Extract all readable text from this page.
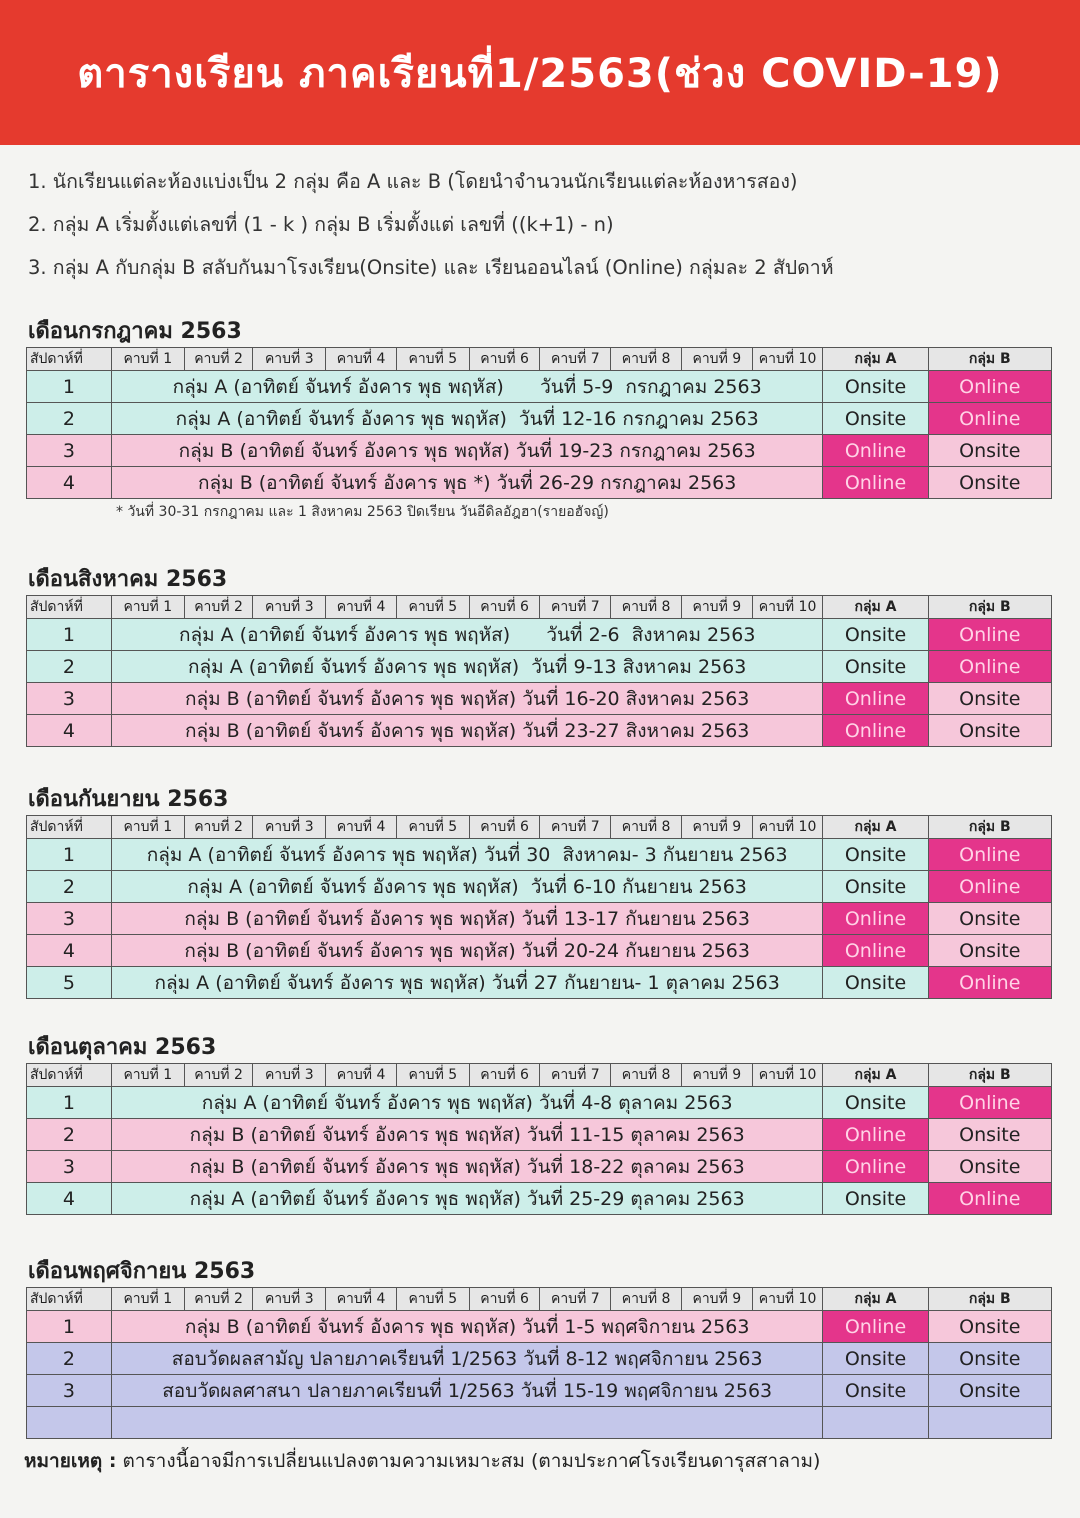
ตารางเรียน ภาคเรียนที่1/2563(ช่วง COVID-19)
1. นักเรียนแต่ละห้องแบ่งเป็น 2 กลุ่ม คือ A และ B (โดยนำจำนวนนักเรียนแต่ละห้องหารสอง)
2. กลุ่ม A เริ่มตั้งแต่เลขที่ (1 - k ) กลุ่ม B เริ่มตั้งแต่ เลขที่ ((k+1) - n)
3. กลุ่ม A กับกลุ่ม B สลับกันมาโรงเรียน(Onsite) และ เรียนออนไลน์ (Online) กลุ่มละ 2 สัปดาห์
เดือนกรกฎาคม 2563
สัปดาห์ที่	คาบที่ 1	คาบที่ 2	คาบที่ 3	คาบที่ 4	คาบที่ 5	คาบที่ 6	คาบที่ 7	คาบที่ 8	คาบที่ 9	คาบที่ 10	กลุ่ม A	กลุ่ม B
1	กลุ่ม A (อาทิตย์ จันทร์ อังคาร พุธ พฤหัส)      วันที่ 5-9  กรกฎาคม 2563										Onsite	Online
2	กลุ่ม A (อาทิตย์ จันทร์ อังคาร พุธ พฤหัส)  วันที่ 12-16 กรกฎาคม 2563										Onsite	Online
3	กลุ่ม B (อาทิตย์ จันทร์ อังคาร พุธ พฤหัส) วันที่ 19-23 กรกฎาคม 2563										Online	Onsite
4	กลุ่ม B (อาทิตย์ จันทร์ อังคาร พุธ *) วันที่ 26-29 กรกฎาคม 2563										Online	Onsite
* วันที่ 30-31 กรกฎาคม และ 1 สิงหาคม 2563 ปิดเรียน วันอีดิลอัฎฮา(รายอฮัจญ์)
เดือนสิงหาคม 2563
สัปดาห์ที่	คาบที่ 1	คาบที่ 2	คาบที่ 3	คาบที่ 4	คาบที่ 5	คาบที่ 6	คาบที่ 7	คาบที่ 8	คาบที่ 9	คาบที่ 10	กลุ่ม A	กลุ่ม B
1	กลุ่ม A (อาทิตย์ จันทร์ อังคาร พุธ พฤหัส)      วันที่ 2-6  สิงหาคม 2563										Onsite	Online
2	กลุ่ม A (อาทิตย์ จันทร์ อังคาร พุธ พฤหัส)  วันที่ 9-13 สิงหาคม 2563										Onsite	Online
3	กลุ่ม B (อาทิตย์ จันทร์ อังคาร พุธ พฤหัส) วันที่ 16-20 สิงหาคม 2563										Online	Onsite
4	กลุ่ม B (อาทิตย์ จันทร์ อังคาร พุธ พฤหัส) วันที่ 23-27 สิงหาคม 2563										Online	Onsite
เดือนกันยายน 2563
สัปดาห์ที่	คาบที่ 1	คาบที่ 2	คาบที่ 3	คาบที่ 4	คาบที่ 5	คาบที่ 6	คาบที่ 7	คาบที่ 8	คาบที่ 9	คาบที่ 10	กลุ่ม A	กลุ่ม B
1	กลุ่ม A (อาทิตย์ จันทร์ อังคาร พุธ พฤหัส) วันที่ 30  สิงหาคม- 3 กันยายน 2563										Onsite	Online
2	กลุ่ม A (อาทิตย์ จันทร์ อังคาร พุธ พฤหัส)  วันที่ 6-10 กันยายน 2563										Onsite	Online
3	กลุ่ม B (อาทิตย์ จันทร์ อังคาร พุธ พฤหัส) วันที่ 13-17 กันยายน 2563										Online	Onsite
4	กลุ่ม B (อาทิตย์ จันทร์ อังคาร พุธ พฤหัส) วันที่ 20-24 กันยายน 2563										Online	Onsite
5	กลุ่ม A (อาทิตย์ จันทร์ อังคาร พุธ พฤหัส) วันที่ 27 กันยายน- 1 ตุลาคม 2563										Onsite	Online
เดือนตุลาคม 2563
สัปดาห์ที่	คาบที่ 1	คาบที่ 2	คาบที่ 3	คาบที่ 4	คาบที่ 5	คาบที่ 6	คาบที่ 7	คาบที่ 8	คาบที่ 9	คาบที่ 10	กลุ่ม A	กลุ่ม B
1	กลุ่ม A (อาทิตย์ จันทร์ อังคาร พุธ พฤหัส) วันที่ 4-8 ตุลาคม 2563										Onsite	Online
2	กลุ่ม B (อาทิตย์ จันทร์ อังคาร พุธ พฤหัส) วันที่ 11-15 ตุลาคม 2563										Online	Onsite
3	กลุ่ม B (อาทิตย์ จันทร์ อังคาร พุธ พฤหัส) วันที่ 18-22 ตุลาคม 2563										Online	Onsite
4	กลุ่ม A (อาทิตย์ จันทร์ อังคาร พุธ พฤหัส) วันที่ 25-29 ตุลาคม 2563										Onsite	Online
เดือนพฤศจิกายน 2563
สัปดาห์ที่	คาบที่ 1	คาบที่ 2	คาบที่ 3	คาบที่ 4	คาบที่ 5	คาบที่ 6	คาบที่ 7	คาบที่ 8	คาบที่ 9	คาบที่ 10	กลุ่ม A	กลุ่ม B
1	กลุ่ม B (อาทิตย์ จันทร์ อังคาร พุธ พฤหัส) วันที่ 1-5 พฤศจิกายน 2563										Online	Onsite
2	สอบวัดผลสามัญ ปลายภาคเรียนที่ 1/2563 วันที่ 8-12 พฤศจิกายน 2563										Onsite	Onsite
3	สอบวัดผลศาสนา ปลายภาคเรียนที่ 1/2563 วันที่ 15-19 พฤศจิกายน 2563										Onsite	Onsite

หมายเหตุ : ตารางนี้อาจมีการเปลี่ยนแปลงตามความเหมาะสม (ตามประกาศโรงเรียนดารุสสาลาม)
